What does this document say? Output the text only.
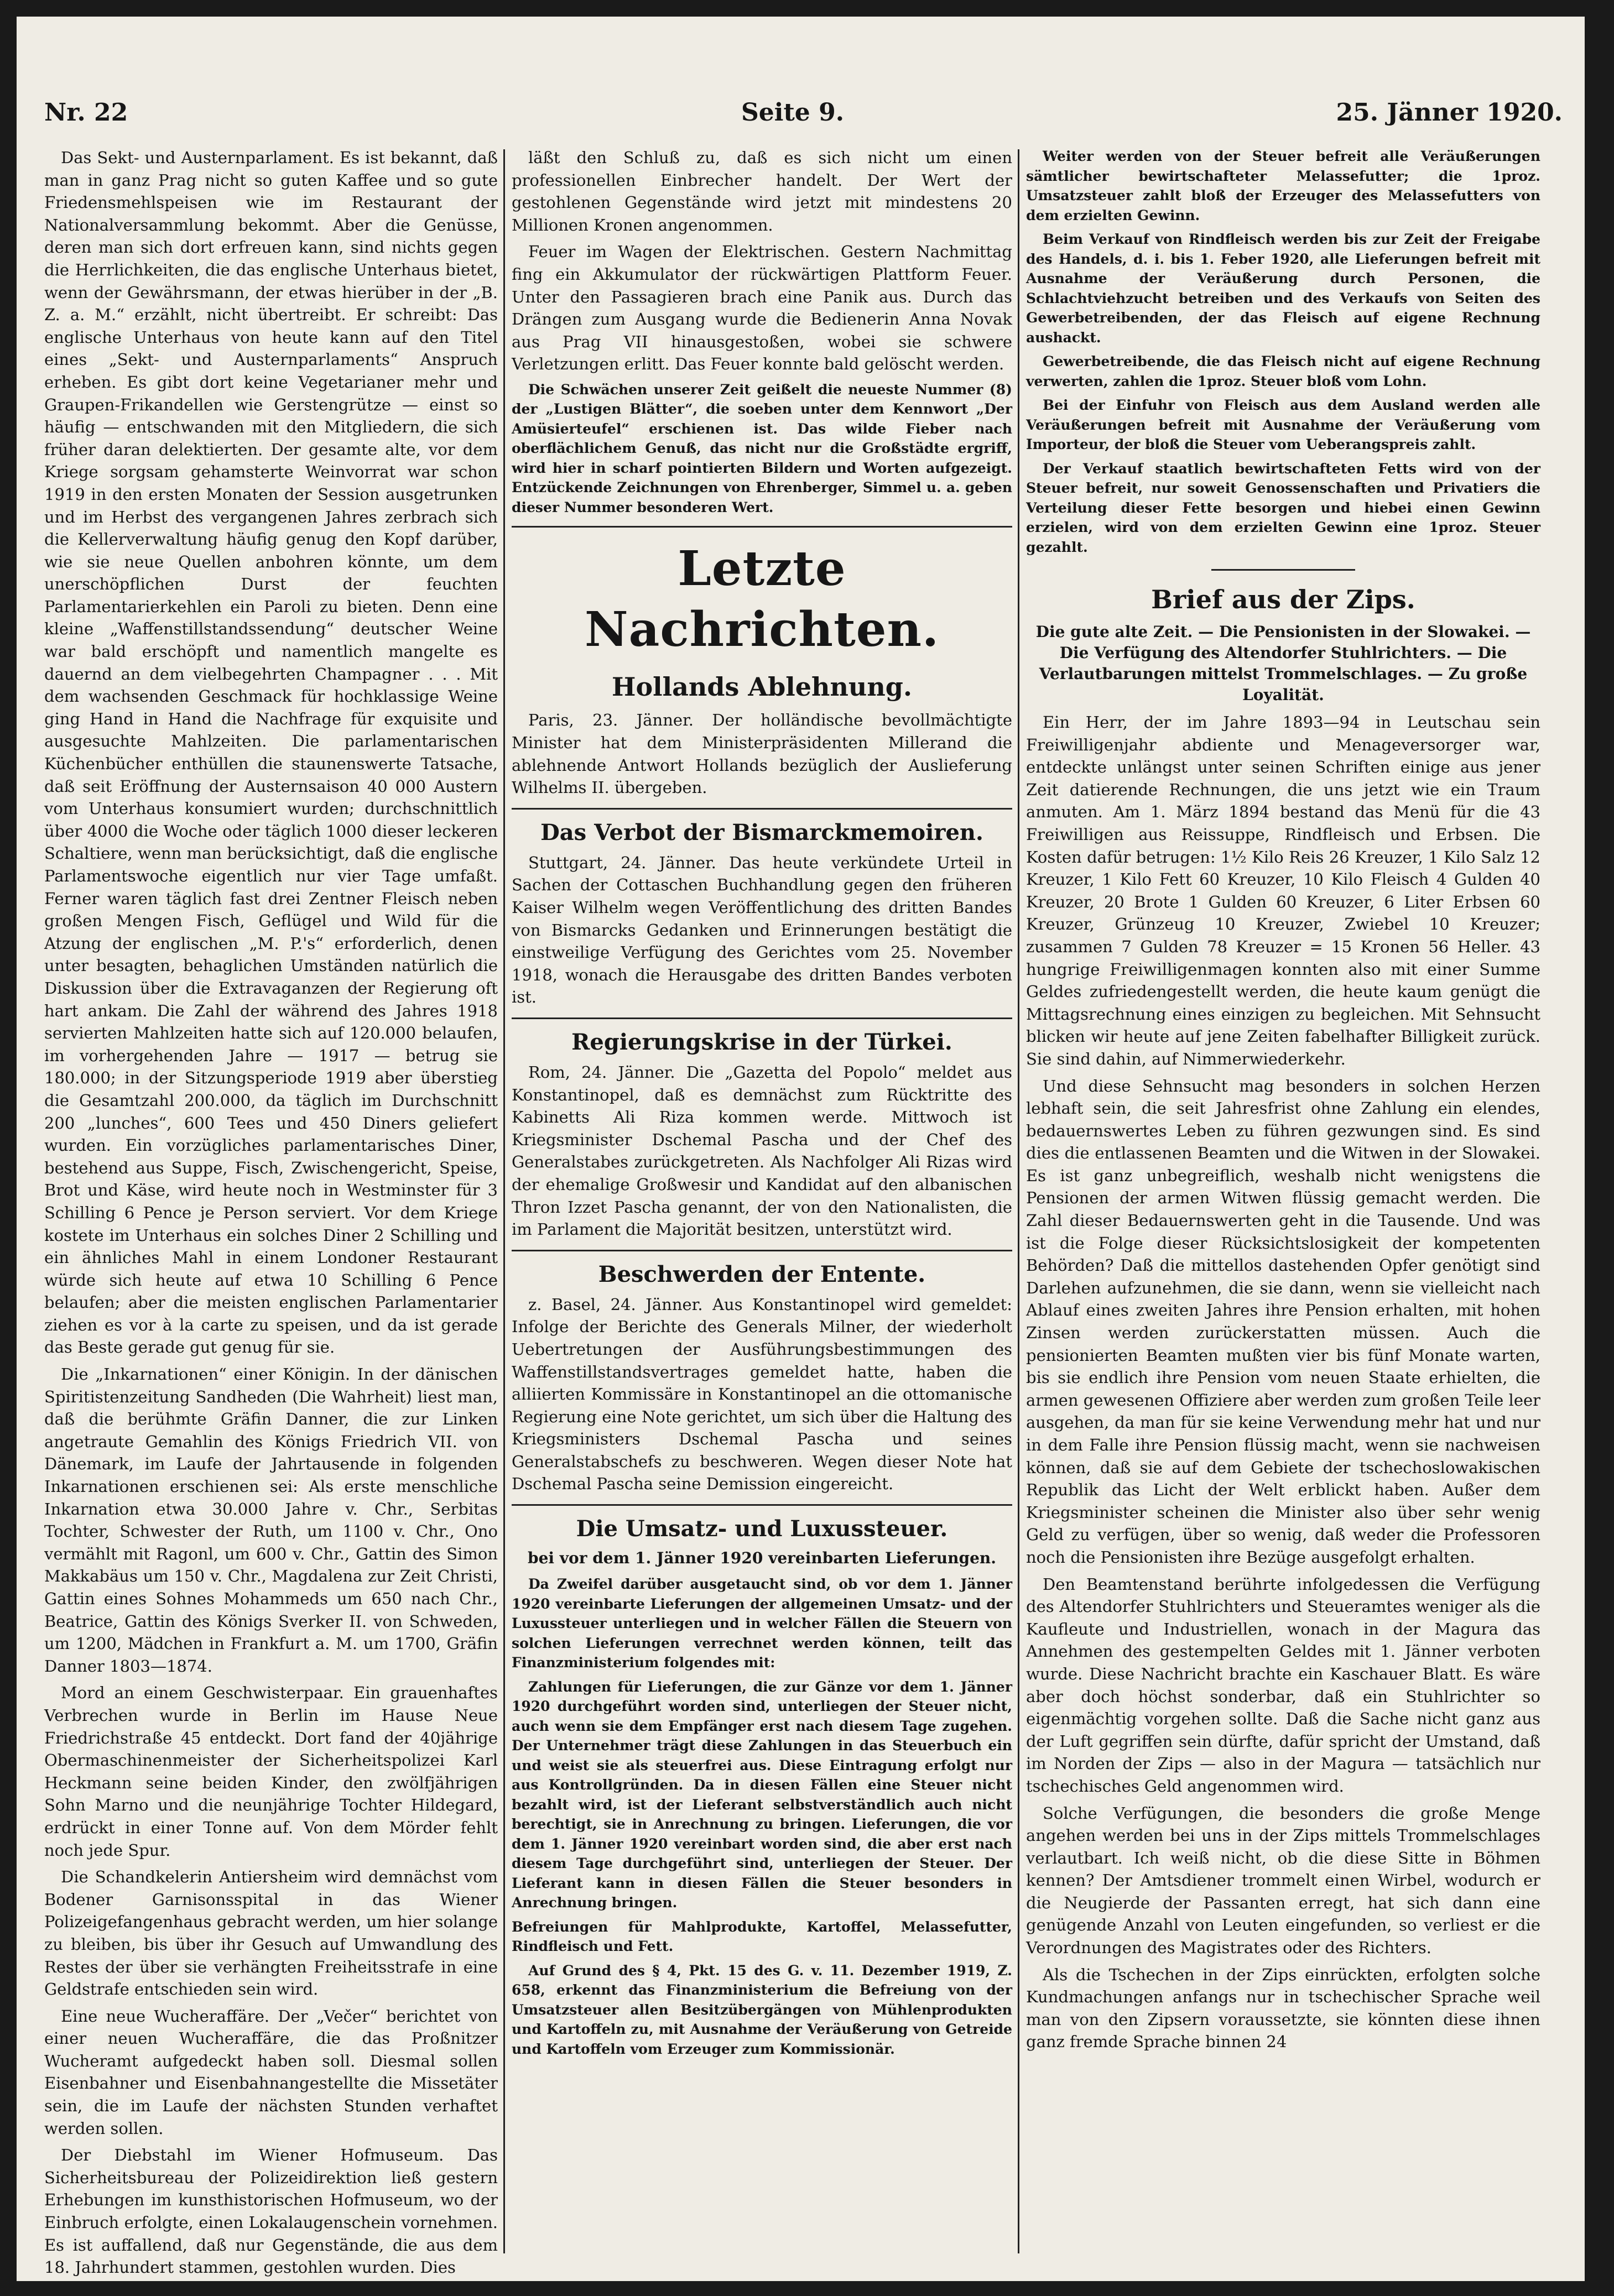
Nr. 22	Seite 9.	25. Jänner 1920.

Das Sekt- und Austernparlament. Es ist bekannt, daß man in ganz Prag nicht so guten Kaffee und so gute Friedensmehlspeisen wie im Restaurant der Nationalversammlung bekommt. Aber die Genüsse, deren man sich dort erfreuen kann, sind nichts gegen die Herrlichkeiten, die das englische Unterhaus bietet, wenn der Gewährsmann, der etwas hierüber in der „B. Z. a. M.“ erzählt, nicht übertreibt. Er schreibt: Das englische Unterhaus von heute kann auf den Titel eines „Sekt- und Austernparlaments“ Anspruch erheben. Es gibt dort keine Vegetarianer mehr und Graupen-Frikandellen wie Gerstengrütze — einst so häufig — entschwanden mit den Mitgliedern, die sich früher daran delektierten. Der gesamte alte, vor dem Kriege sorgsam gehamsterte Weinvorrat war schon 1919 in den ersten Monaten der Session ausgetrunken und im Herbst des vergangenen Jahres zerbrach sich die Kellerverwaltung häufig genug den Kopf darüber, wie sie neue Quellen anbohren könnte, um dem unerschöpflichen Durst der feuchten Parlamentarierkehlen ein Paroli zu bieten. Denn eine kleine „Waffenstillstandssendung“ deutscher Weine war bald erschöpft und namentlich mangelte es dauernd an dem vielbegehrten Champagner . . . Mit dem wachsenden Geschmack für hochklassige Weine ging Hand in Hand die Nachfrage für exquisite und ausgesuchte Mahlzeiten. Die parlamentarischen Küchenbücher enthüllen die staunenswerte Tatsache, daß seit Eröffnung der Austernsaison 40 000 Austern vom Unterhaus konsumiert wurden; durchschnittlich über 4000 die Woche oder täglich 1000 dieser leckeren Schaltiere, wenn man berücksichtigt, daß die englische Parlamentswoche eigentlich nur vier Tage umfaßt. Ferner waren täglich fast drei Zentner Fleisch neben großen Mengen Fisch, Geflügel und Wild für die Atzung der englischen „M. P.'s“ erforderlich, denen unter besagten, behaglichen Umständen natürlich die Diskussion über die Extravaganzen der Regierung oft hart ankam. Die Zahl der während des Jahres 1918 servierten Mahlzeiten hatte sich auf 120.000 belaufen, im vorhergehenden Jahre — 1917 — betrug sie 180.000; in der Sitzungsperiode 1919 aber überstieg die Gesamtzahl 200.000, da täglich im Durchschnitt 200 „lunches“, 600 Tees und 450 Diners geliefert wurden. Ein vorzügliches parlamentarisches Diner, bestehend aus Suppe, Fisch, Zwischengericht, Speise, Brot und Käse, wird heute noch in Westminster für 3 Schilling 6 Pence je Person serviert. Vor dem Kriege kostete im Unterhaus ein solches Diner 2 Schilling und ein ähnliches Mahl in einem Londoner Restaurant würde sich heute auf etwa 10 Schilling 6 Pence belaufen; aber die meisten englischen Parlamentarier ziehen es vor à la carte zu speisen, und da ist gerade das Beste gerade gut genug für sie.

Die „Inkarnationen“ einer Königin. In der dänischen Spiritistenzeitung Sandheden (Die Wahrheit) liest man, daß die berühmte Gräfin Danner, die zur Linken angetraute Gemahlin des Königs Friedrich VII. von Dänemark, im Laufe der Jahrtausende in folgenden Inkarnationen erschienen sei: Als erste menschliche Inkarnation etwa 30.000 Jahre v. Chr., Serbitas Tochter, Schwester der Ruth, um 1100 v. Chr., Ono vermählt mit Ragonl, um 600 v. Chr., Gattin des Simon Makkabäus um 150 v. Chr., Magdalena zur Zeit Christi, Gattin eines Sohnes Mohammeds um 650 nach Chr., Beatrice, Gattin des Königs Sverker II. von Schweden, um 1200, Mädchen in Frankfurt a. M. um 1700, Gräfin Danner 1803—1874.

Mord an einem Geschwisterpaar. Ein grauenhaftes Verbrechen wurde in Berlin im Hause Neue Friedrichstraße 45 entdeckt. Dort fand der 40jährige Obermaschinenmeister der Sicherheitspolizei Karl Heckmann seine beiden Kinder, den zwölfjährigen Sohn Marno und die neunjährige Tochter Hildegard, erdrückt in einer Tonne auf. Von dem Mörder fehlt noch jede Spur.

Die Schandkelerin Antiersheim wird demnächst vom Bodener Garnisonsspital in das Wiener Polizeigefangenhaus gebracht werden, um hier solange zu bleiben, bis über ihr Gesuch auf Umwandlung des Restes der über sie verhängten Freiheitsstrafe in eine Geldstrafe entschieden sein wird.

Eine neue Wucheraffäre. Der „Večer“ berichtet von einer neuen Wucheraffäre, die das Proßnitzer Wucheramt aufgedeckt haben soll. Diesmal sollen Eisenbahner und Eisenbahnangestellte die Missetäter sein, die im Laufe der nächsten Stunden verhaftet werden sollen.

Der Diebstahl im Wiener Hofmuseum. Das Sicherheitsbureau der Polizeidirektion ließ gestern Erhebungen im kunsthistorischen Hofmuseum, wo der Einbruch erfolgte, einen Lokalaugenschein vornehmen. Es ist auffallend, daß nur Gegenstände, die aus dem 18. Jahrhundert stammen, gestohlen wurden. Dies

läßt den Schluß zu, daß es sich nicht um einen professionellen Einbrecher handelt. Der Wert der gestohlenen Gegenstände wird jetzt mit mindestens 20 Millionen Kronen angenommen.

Feuer im Wagen der Elektrischen. Gestern Nachmittag fing ein Akkumulator der rückwärtigen Plattform Feuer. Unter den Passagieren brach eine Panik aus. Durch das Drängen zum Ausgang wurde die Bedienerin Anna Novak aus Prag VII hinausgestoßen, wobei sie schwere Verletzungen erlitt. Das Feuer konnte bald gelöscht werden.

Die Schwächen unserer Zeit geißelt die neueste Nummer (8) der „Lustigen Blätter“, die soeben unter dem Kennwort „Der Amüsierteufel“ erschienen ist. Das wilde Fieber nach oberflächlichem Genuß, das nicht nur die Großstädte ergriff, wird hier in scharf pointierten Bildern und Worten aufgezeigt. Entzückende Zeichnungen von Ehrenberger, Simmel u. a. geben dieser Nummer besonderen Wert.

Letzte Nachrichten.
Hollands Ablehnung.

Paris, 23. Jänner. Der holländische bevollmächtigte Minister hat dem Ministerpräsidenten Millerand die ablehnende Antwort Hollands bezüglich der Auslieferung Wilhelms II. übergeben.

Das Verbot der Bismarckmemoiren.

Stuttgart, 24. Jänner. Das heute verkündete Urteil in Sachen der Cottaschen Buchhandlung gegen den früheren Kaiser Wilhelm wegen Veröffentlichung des dritten Bandes von Bismarcks Gedanken und Erinnerungen bestätigt die einstweilige Verfügung des Gerichtes vom 25. November 1918, wonach die Herausgabe des dritten Bandes verboten ist.

Regierungskrise in der Türkei.

Rom, 24. Jänner. Die „Gazetta del Popolo“ meldet aus Konstantinopel, daß es demnächst zum Rücktritte des Kabinetts Ali Riza kommen werde. Mittwoch ist Kriegsminister Dschemal Pascha und der Chef des Generalstabes zurückgetreten. Als Nachfolger Ali Rizas wird der ehemalige Großwesir und Kandidat auf den albanischen Thron Izzet Pascha genannt, der von den Nationalisten, die im Parlament die Majorität besitzen, unterstützt wird.

Beschwerden der Entente.

z. Basel, 24. Jänner. Aus Konstantinopel wird gemeldet: Infolge der Berichte des Generals Milner, der wiederholt Uebertretungen der Ausführungsbestimmungen des Waffenstillstandsvertrages gemeldet hatte, haben die alliierten Kommissäre in Konstantinopel an die ottomanische Regierung eine Note gerichtet, um sich über die Haltung des Kriegsministers Dschemal Pascha und seines Generalstabschefs zu beschweren. Wegen dieser Note hat Dschemal Pascha seine Demission eingereicht.

Die Umsatz- und Luxussteuer.
bei vor dem 1. Jänner 1920 vereinbarten Lieferungen.

Da Zweifel darüber ausgetaucht sind, ob vor dem 1. Jänner 1920 vereinbarte Lieferungen der allgemeinen Umsatz- und der Luxussteuer unterliegen und in welcher Fällen die Steuern von solchen Lieferungen verrechnet werden können, teilt das Finanzministerium folgendes mit:

Zahlungen für Lieferungen, die zur Gänze vor dem 1. Jänner 1920 durchgeführt worden sind, unterliegen der Steuer nicht, auch wenn sie dem Empfänger erst nach diesem Tage zugehen. Der Unternehmer trägt diese Zahlungen in das Steuerbuch ein und weist sie als steuerfrei aus. Diese Eintragung erfolgt nur aus Kontrollgründen. Da in diesen Fällen eine Steuer nicht bezahlt wird, ist der Lieferant selbstverständlich auch nicht berechtigt, sie in Anrechnung zu bringen. Lieferungen, die vor dem 1. Jänner 1920 vereinbart worden sind, die aber erst nach diesem Tage durchgeführt sind, unterliegen der Steuer. Der Lieferant kann in diesen Fällen die Steuer besonders in Anrechnung bringen.

Befreiungen für Mahlprodukte, Kartoffel, Melassefutter, Rindfleisch und Fett.

Auf Grund des § 4, Pkt. 15 des G. v. 11. Dezember 1919, Z. 658, erkennt das Finanzministerium die Befreiung von der Umsatzsteuer allen Besitzübergängen von Mühlenprodukten und Kartoffeln zu, mit Ausnahme der Veräußerung von Getreide und Kartoffeln vom Erzeuger zum Kommissionär.

Weiter werden von der Steuer befreit alle Veräußerungen sämtlicher bewirtschafteter Melassefutter; die 1proz. Umsatzsteuer zahlt bloß der Erzeuger des Melassefutters von dem erzielten Gewinn.

Beim Verkauf von Rindfleisch werden bis zur Zeit der Freigabe des Handels, d. i. bis 1. Feber 1920, alle Lieferungen befreit mit Ausnahme der Veräußerung durch Personen, die Schlachtviehzucht betreiben und des Verkaufs von Seiten des Gewerbetreibenden, der das Fleisch auf eigene Rechnung aushackt.

Gewerbetreibende, die das Fleisch nicht auf eigene Rechnung verwerten, zahlen die 1proz. Steuer bloß vom Lohn.

Bei der Einfuhr von Fleisch aus dem Ausland werden alle Veräußerungen befreit mit Ausnahme der Veräußerung vom Importeur, der bloß die Steuer vom Ueberangspreis zahlt.

Der Verkauf staatlich bewirtschafteten Fetts wird von der Steuer befreit, nur soweit Genossenschaften und Privatiers die Verteilung dieser Fette besorgen und hiebei einen Gewinn erzielen, wird von dem erzielten Gewinn eine 1proz. Steuer gezahlt.

Brief aus der Zips.
Die gute alte Zeit. — Die Pensionisten in der Slowakei. — Die Verfügung des Altendorfer Stuhlrichters. — Die Verlautbarungen mittelst Trommelschlages. — Zu große Loyalität.

Ein Herr, der im Jahre 1893—94 in Leutschau sein Freiwilligenjahr abdiente und Menageversorger war, entdeckte unlängst unter seinen Schriften einige aus jener Zeit datierende Rechnungen, die uns jetzt wie ein Traum anmuten. Am 1. März 1894 bestand das Menü für die 43 Freiwilligen aus Reissuppe, Rindfleisch und Erbsen. Die Kosten dafür betrugen: 1½ Kilo Reis 26 Kreuzer, 1 Kilo Salz 12 Kreuzer, 1 Kilo Fett 60 Kreuzer, 10 Kilo Fleisch 4 Gulden 40 Kreuzer, 20 Brote 1 Gulden 60 Kreuzer, 6 Liter Erbsen 60 Kreuzer, Grünzeug 10 Kreuzer, Zwiebel 10 Kreuzer; zusammen 7 Gulden 78 Kreuzer = 15 Kronen 56 Heller. 43 hungrige Freiwilligenmagen konnten also mit einer Summe Geldes zufriedengestellt werden, die heute kaum genügt die Mittagsrechnung eines einzigen zu begleichen. Mit Sehnsucht blicken wir heute auf jene Zeiten fabelhafter Billigkeit zurück. Sie sind dahin, auf Nimmerwiederkehr.

Und diese Sehnsucht mag besonders in solchen Herzen lebhaft sein, die seit Jahresfrist ohne Zahlung ein elendes, bedauernswertes Leben zu führen gezwungen sind. Es sind dies die entlassenen Beamten und die Witwen in der Slowakei. Es ist ganz unbegreiflich, weshalb nicht wenigstens die Pensionen der armen Witwen flüssig gemacht werden. Die Zahl dieser Bedauernswerten geht in die Tausende. Und was ist die Folge dieser Rücksichtslosigkeit der kompetenten Behörden? Daß die mittellos dastehenden Opfer genötigt sind Darlehen aufzunehmen, die sie dann, wenn sie vielleicht nach Ablauf eines zweiten Jahres ihre Pension erhalten, mit hohen Zinsen werden zurückerstatten müssen. Auch die pensionierten Beamten mußten vier bis fünf Monate warten, bis sie endlich ihre Pension vom neuen Staate erhielten, die armen gewesenen Offiziere aber werden zum großen Teile leer ausgehen, da man für sie keine Verwendung mehr hat und nur in dem Falle ihre Pension flüssig macht, wenn sie nachweisen können, daß sie auf dem Gebiete der tschechoslowakischen Republik das Licht der Welt erblickt haben. Außer dem Kriegsminister scheinen die Minister also über sehr wenig Geld zu verfügen, über so wenig, daß weder die Professoren noch die Pensionisten ihre Bezüge ausgefolgt erhalten.

Den Beamtenstand berührte infolgedessen die Verfügung des Altendorfer Stuhlrichters und Steueramtes weniger als die Kaufleute und Industriellen, wonach in der Magura das Annehmen des gestempelten Geldes mit 1. Jänner verboten wurde. Diese Nachricht brachte ein Kaschauer Blatt. Es wäre aber doch höchst sonderbar, daß ein Stuhlrichter so eigenmächtig vorgehen sollte. Daß die Sache nicht ganz aus der Luft gegriffen sein dürfte, dafür spricht der Umstand, daß im Norden der Zips — also in der Magura — tatsächlich nur tschechisches Geld angenommen wird.

Solche Verfügungen, die besonders die große Menge angehen werden bei uns in der Zips mittels Trommelschlages verlautbart. Ich weiß nicht, ob die diese Sitte in Böhmen kennen? Der Amtsdiener trommelt einen Wirbel, wodurch er die Neugierde der Passanten erregt, hat sich dann eine genügende Anzahl von Leuten eingefunden, so verliest er die Verordnungen des Magistrates oder des Richters.

Als die Tschechen in der Zips einrückten, erfolgten solche Kundmachungen anfangs nur in tschechischer Sprache weil man von den Zipsern voraussetzte, sie könnten diese ihnen ganz fremde Sprache binnen 24
